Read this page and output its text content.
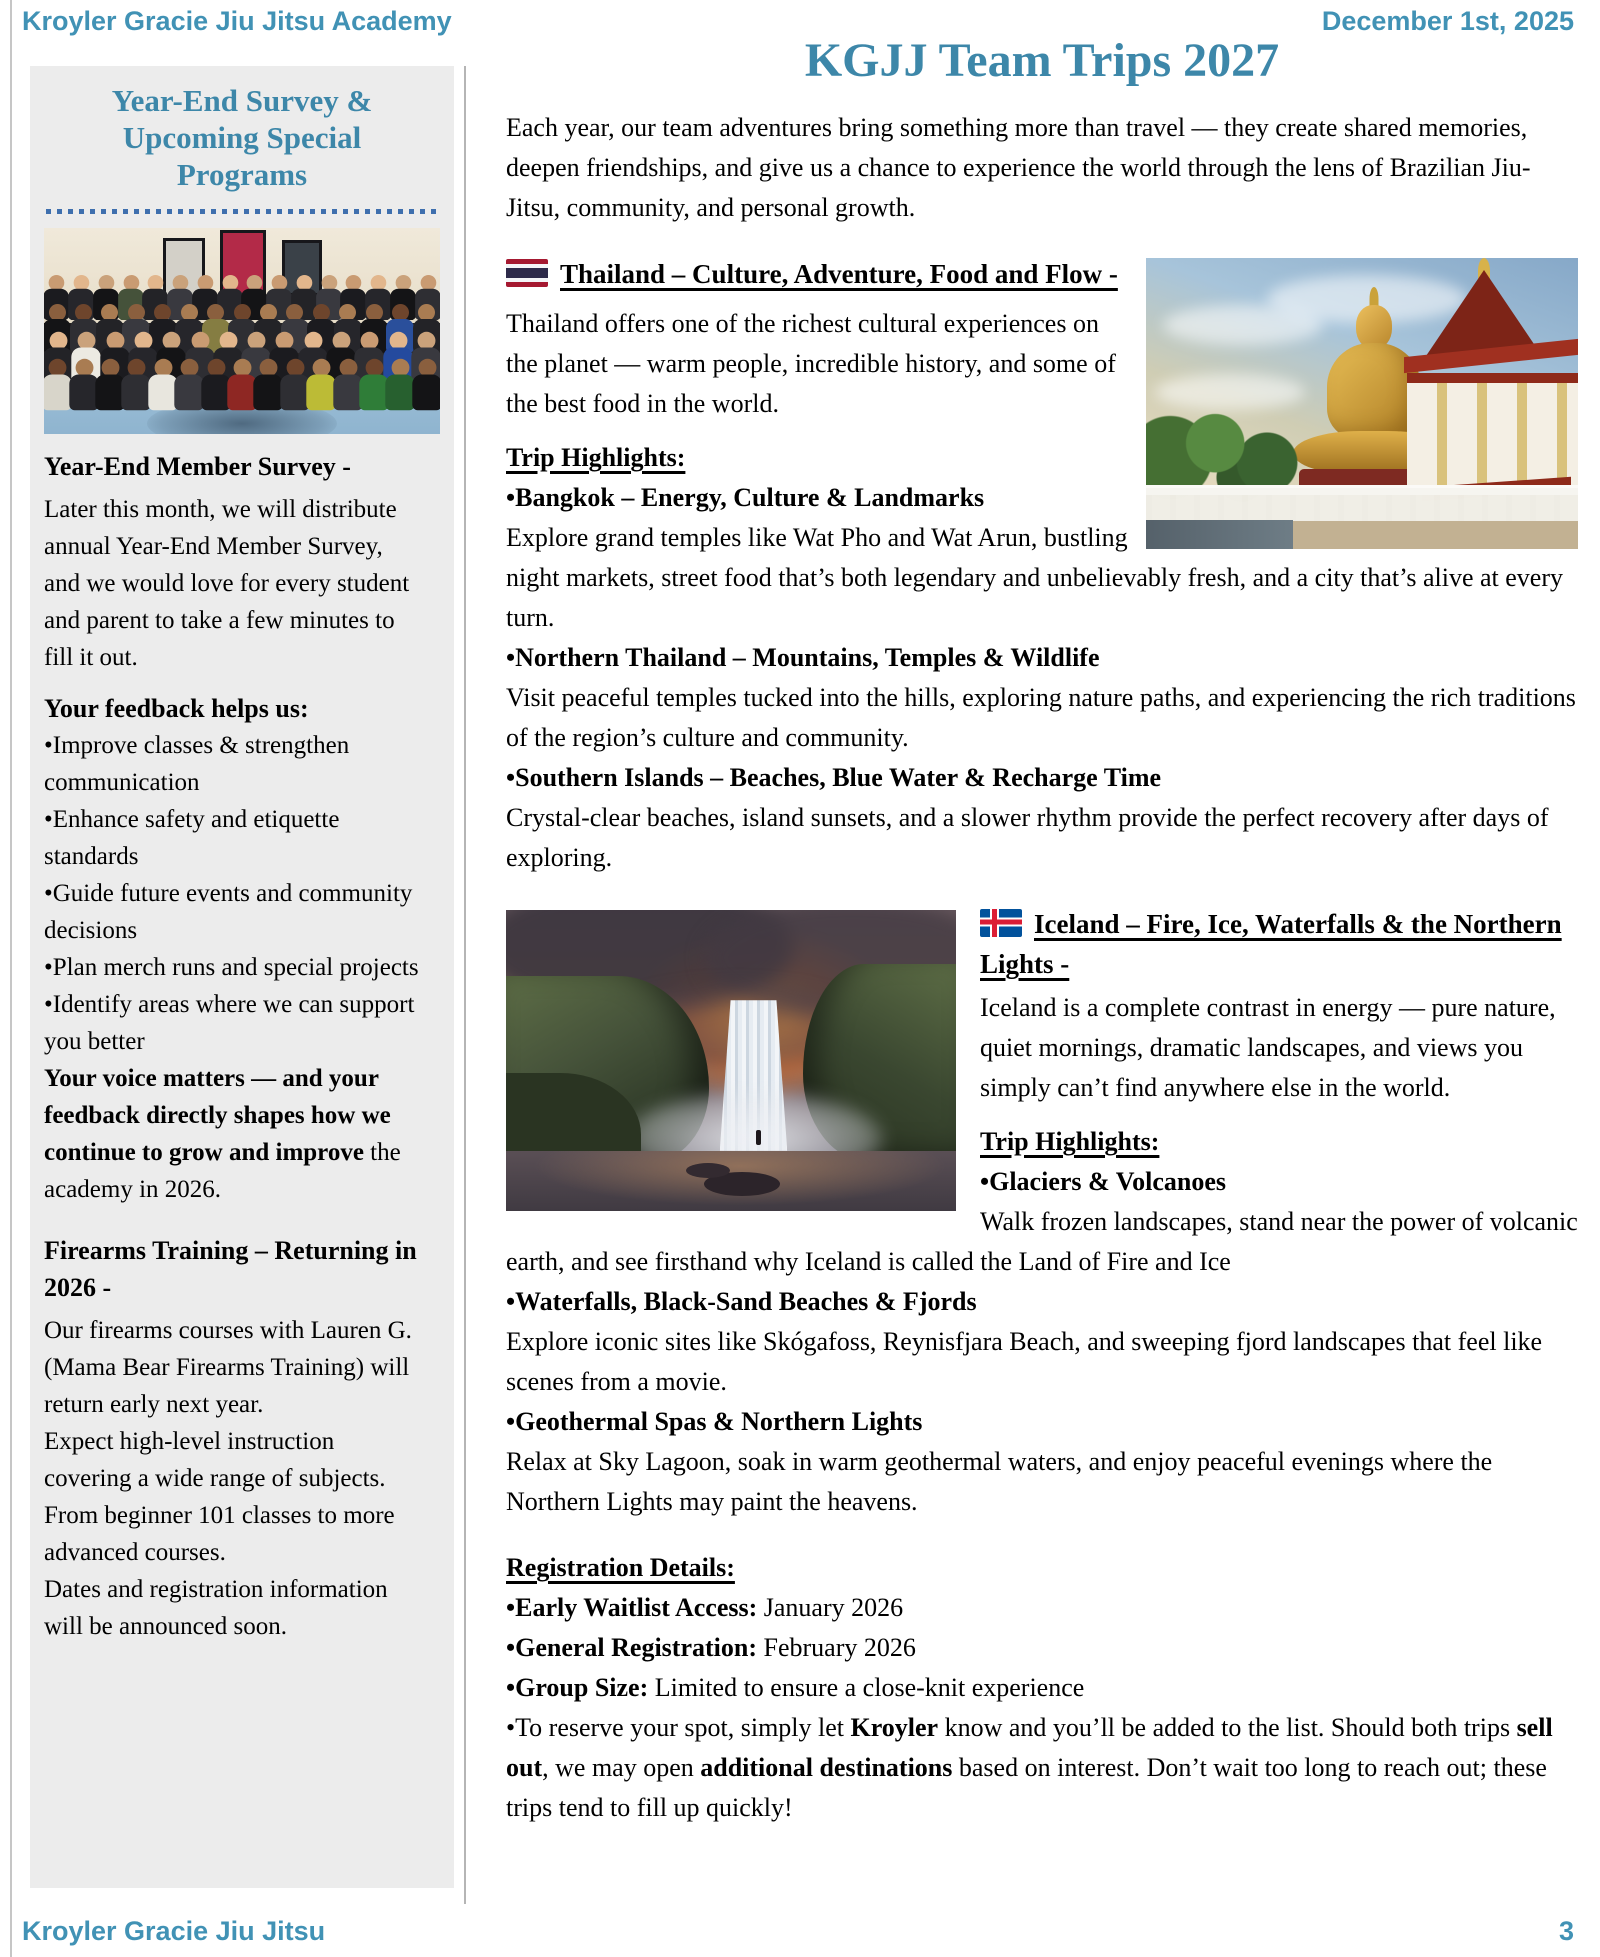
Kroyler Gracie Jiu Jitsu Academy	December 1st, 2025
Year-End Survey & Upcoming Special Programs

Year-End Member Survey -

Later this month, we will distribute annual Year-End Member Survey, and we would love for every student and parent to take a few minutes to fill it out.

Your feedback helps us:

•Improve classes & strengthen communication

•Enhance safety and etiquette standards

•Guide future events and community decisions

•Plan merch runs and special projects

•Identify areas where we can support you better

Your voice matters — and your feedback directly shapes how we continue to grow and improve the academy in 2026.

Firearms Training – Returning in 2026 -

Our firearms courses with Lauren G. (Mama Bear Firearms Training) will return early next year.

Expect high-level instruction covering a wide range of subjects. From beginner 101 classes to more advanced courses.

Dates and registration information will be announced soon.

KGJJ Team Trips 2027

Each year, our team adventures bring something more than travel — they create shared memories, deepen friendships, and give us a chance to experience the world through the lens of Brazilian Jiu-Jitsu, community, and personal growth.

Thailand – Culture, Adventure, Food and Flow -

Thailand offers one of the richest cultural experiences on the planet — warm people, incredible history, and some of the best food in the world.

Trip Highlights:

•Bangkok – Energy, Culture & Landmarks

Explore grand temples like Wat Pho and Wat Arun, bustling night markets, street food that’s both legendary and unbelievably fresh, and a city that’s alive at every turn.

•Northern Thailand – Mountains, Temples & Wildlife

Visit peaceful temples tucked into the hills, exploring nature paths, and experiencing the rich traditions of the region’s culture and community.

•Southern Islands – Beaches, Blue Water & Recharge Time

Crystal-clear beaches, island sunsets, and a slower rhythm provide the perfect recovery after days of exploring.

Iceland – Fire, Ice, Waterfalls & the Northern Lights -

Iceland is a complete contrast in energy — pure nature, quiet mornings, dramatic landscapes, and views you simply can’t find anywhere else in the world.

Trip Highlights:

•Glaciers & Volcanoes

Walk frozen landscapes, stand near the power of volcanic earth, and see firsthand why Iceland is called the Land of Fire and Ice

•Waterfalls, Black-Sand Beaches & Fjords

Explore iconic sites like Skógafoss, Reynisfjara Beach, and sweeping fjord landscapes that feel like scenes from a movie.

•Geothermal Spas & Northern Lights

Relax at Sky Lagoon, soak in warm geothermal waters, and enjoy peaceful evenings where the Northern Lights may paint the heavens.

Registration Details:

•Early Waitlist Access: January 2026

•General Registration: February 2026

•Group Size: Limited to ensure a close-knit experience

•To reserve your spot, simply let Kroyler know and you’ll be added to the list. Should both trips sell out, we may open additional destinations based on interest. Don’t wait too long to reach out; these trips tend to fill up quickly!

Kroyler Gracie Jiu Jitsu	3
